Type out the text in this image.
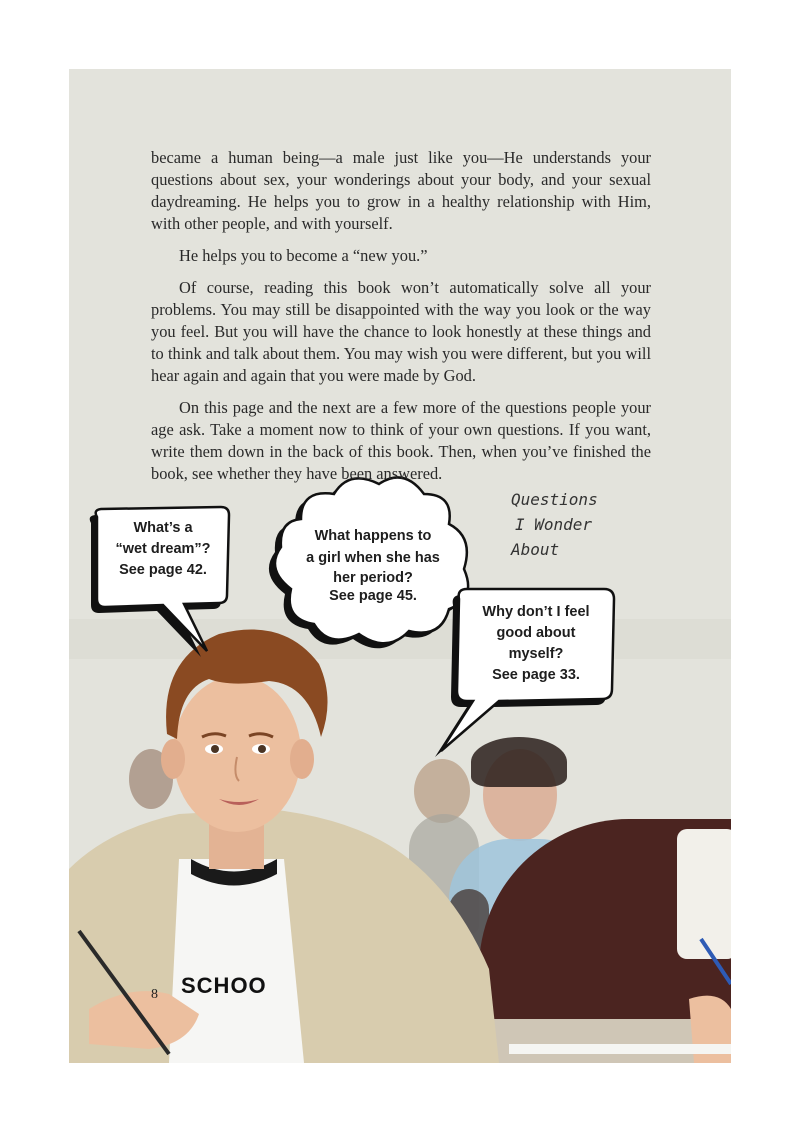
became a human being—a male just like you—He understands your questions about sex, your wonderings about your body, and your sexual daydreaming. He helps you to grow in a healthy relationship with Him, with other people, and with yourself.

He helps you to become a “new you.”

Of course, reading this book won’t automatically solve all your problems. You may still be disappointed with the way you look or the way you feel. But you will have the chance to look honestly at these things and to think and talk about them. You may wish you were different, but you will hear again and again that you were made by God.

On this page and the next are a few more of the questions people your age ask. Take a moment now to think of your own questions. If you want, write them down in the back of this book. Then, when you’ve finished the book, see whether they have been answered.

Questions
I Wonder
About
What’s a
“wet dream”?
See page 42.
What happens to
a girl when she has
her period?
See page 45.
Why don’t I feel
good about
myself?
See page 33.
SCHOO
8
